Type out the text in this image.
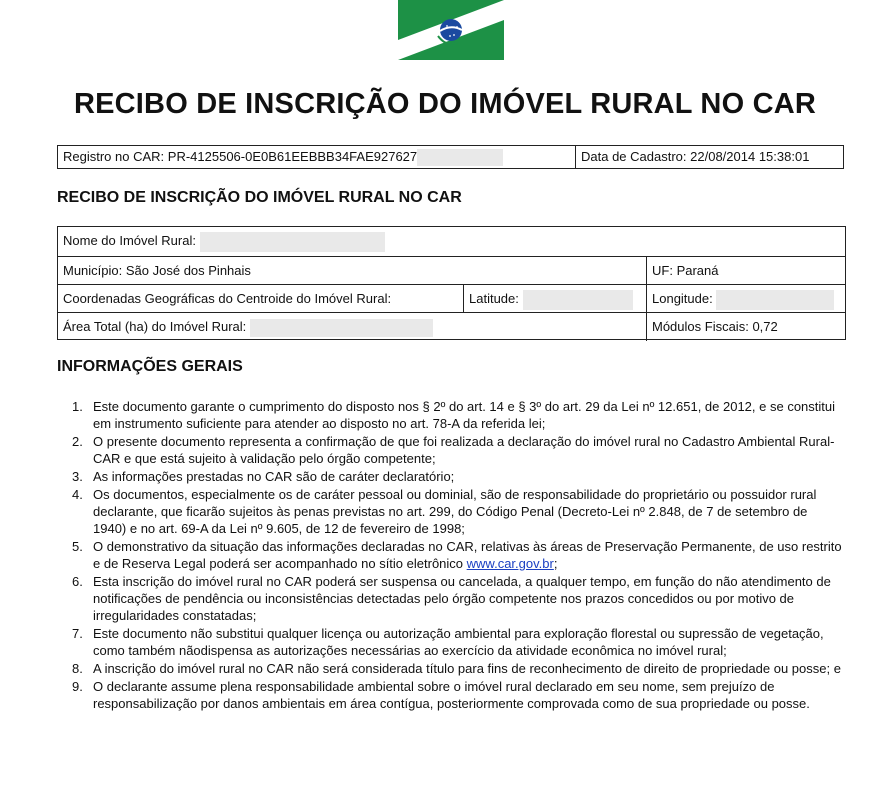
RECIBO DE INSCRIÇÃO DO IMÓVEL RURAL NO CAR
Registro no CAR: PR-4125506-0E0B61EEBBB34FAE927627	Data de Cadastro: 22/08/2014 15:38:01
RECIBO DE INSCRIÇÃO DO IMÓVEL RURAL NO CAR
Nome do Imóvel Rural:
Município: São José dos Pinhais	UF: Paraná
Coordenadas Geográficas do Centroide do Imóvel Rural:	Latitude:	Longitude:
Área Total (ha) do Imóvel Rural:	Módulos Fiscais: 0,72
INFORMAÇÕES GERAIS
1. Este documento garante o cumprimento do disposto nos § 2º do art. 14 e § 3º do art. 29 da Lei nº 12.651, de 2012, e se constitui em instrumento suficiente para atender ao disposto no art. 78-A da referida lei;
2. O presente documento representa a confirmação de que foi realizada a declaração do imóvel rural no Cadastro Ambiental Rural-CAR e que está sujeito à validação pelo órgão competente;
3. As informações prestadas no CAR são de caráter declaratório;
4. Os documentos, especialmente os de caráter pessoal ou dominial, são de responsabilidade do proprietário ou possuidor rural declarante, que ficarão sujeitos às penas previstas no art. 299, do Código Penal (Decreto-Lei nº 2.848, de 7 de setembro de 1940) e no art. 69-A da Lei nº 9.605, de 12 de fevereiro de 1998;
5. O demonstrativo da situação das informações declaradas no CAR, relativas às áreas de Preservação Permanente, de uso restrito e de Reserva Legal poderá ser acompanhado no sítio eletrônico www.car.gov.br;
6. Esta inscrição do imóvel rural no CAR poderá ser suspensa ou cancelada, a qualquer tempo, em função do não atendimento de notificações de pendência ou inconsistências detectadas pelo órgão competente nos prazos concedidos ou por motivo de irregularidades constatadas;
7. Este documento não substitui qualquer licença ou autorização ambiental para exploração florestal ou supressão de vegetação, como também nãodispensa as autorizações necessárias ao exercício da atividade econômica no imóvel rural;
8. A inscrição do imóvel rural no CAR não será considerada título para fins de reconhecimento de direito de propriedade ou posse; e
9. O declarante assume plena responsabilidade ambiental sobre o imóvel rural declarado em seu nome, sem prejuízo de responsabilização por danos ambientais em área contígua, posteriormente comprovada como de sua propriedade ou posse.
